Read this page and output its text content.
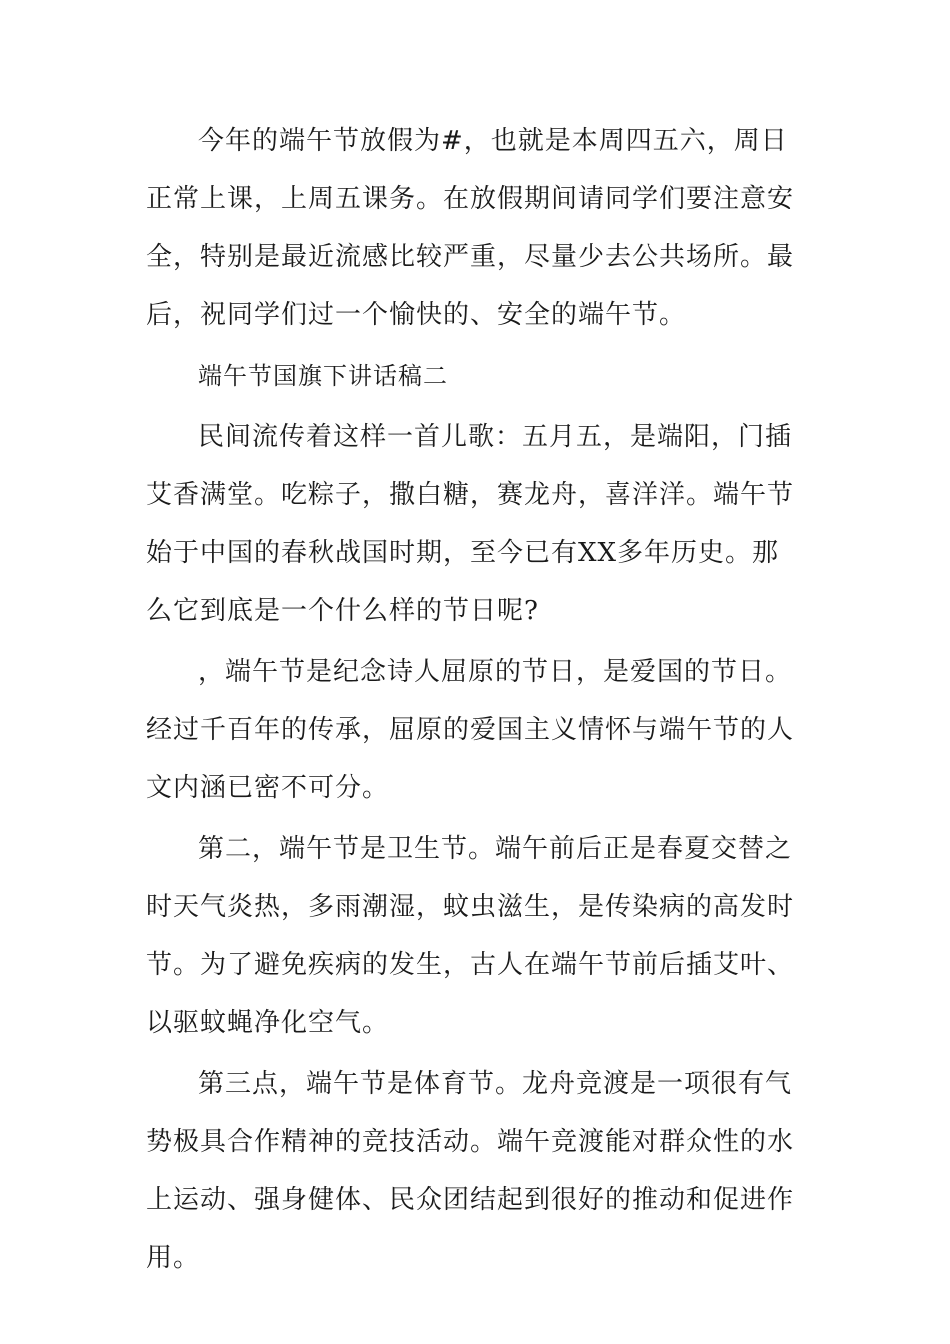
今年的端午节放假为#，也就是本周四五六，周日正常上课，上周五课务。在放假期间请同学们要注意安全，特别是最近流感比较严重，尽量少去公共场所。最后，祝同学们过一个愉快的、安全的端午节。

端午节国旗下讲话稿二

民间流传着这样一首儿歌：五月五，是端阳，门插艾香满堂。吃粽子，撒白糖，赛龙舟，喜洋洋。端午节始于中国的春秋战国时期，至今已有XX多年历史。那么它到底是一个什么样的节日呢?

，端午节是纪念诗人屈原的节日，是爱国的节日。经过千百年的传承，屈原的爱国主义情怀与端午节的人文内涵已密不可分。

第二，端午节是卫生节。端午前后正是春夏交替之时天气炎热，多雨潮湿，蚊虫滋生，是传染病的高发时节。为了避免疾病的发生，古人在端午节前后插艾叶、以驱蚊蝇净化空气。

第三点，端午节是体育节。龙舟竞渡是一项很有气势极具合作精神的竞技活动。端午竞渡能对群众性的水上运动、强身健体、民众团结起到很好的推动和促进作用。
